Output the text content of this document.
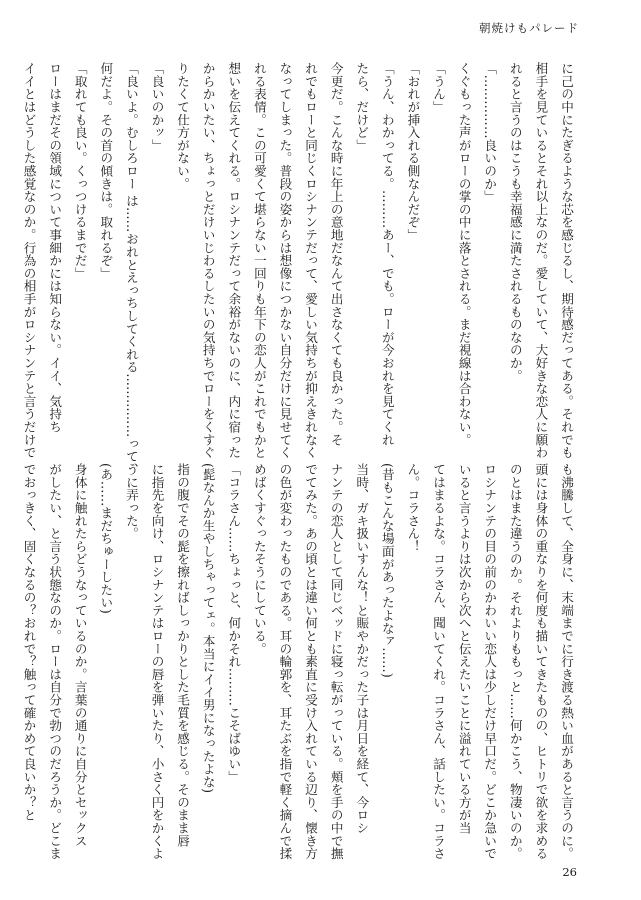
朝焼けもパレード
に己の中にたぎるような芯を感じるし、期待感だってある。それでも
相手を見ているとそれ以上なのだ。愛していて、大好きな恋人に願わ
れると言うのはこうも幸福感に満たされるものなのか。
「……………良いのか」
くぐもった声がローの掌の中に落とされる。まだ視線は合わない。
「うん」
「おれが挿入れる側なんだぞ」
「うん、わかってる。………あー、でも。ローが今おれを見てくれ
たら、だけど」
今更だ。こんな時に年上の意地だなんて出さなくても良かった。そ
れでもローと同じくロシナンテだって、愛しい気持ちが抑えきれなく
なってしまった。普段の姿からは想像につかない自分だけに見せてく
れる表情。この可愛くて堪らない一回りも年下の恋人がこれでもかと
想いを伝えてくれる。ロシナンテだって余裕がないのに、内に宿った
からかいたい、ちょっとだけいじわるしたいの気持ちでローをくすぐ
りたくて仕方がない。
「良いのかッ」
「良いよ。むしろロー は……おれとえっちしてくれる……………って、
何だよ。その首の傾きは。取れるぞ」
「取れても良い。くっつけるまでだ」
ローはまだその領域について事細かには知らない。イイ、気持ち
イイとはどうした感覚なのか。行為の相手がロシナンテと言うだけで
も沸騰して、全身に、末端までに行き渡る熱い血があると言うのに。
頭には身体の重なりを何度も描いてきたものの、ヒトリで欲を求める
のとはまた違うのか。それよりももっと……何かこう、物凄いのか。
ロシナンテの目の前のかわいい恋人は少しだけ早口だ。どこか急いで
いると言うよりは次から次へと伝えたいことに溢れている方が当
てはまるよな。コラさん、聞いてくれ。コラさん、話したい。コラさ
ん。コラさん！
(昔もこんな場面があったよなァ……)
当時、ガキ扱いすんな！と賑やかだった子は月日を経て、今ロシ
ナンテの恋人として同じベッドに寝っ転がっている。頬を手の中で撫
でてみた。あの頃とは違い何とも素直に受け入れている辺り、懐き方
の色が変わったものである。耳の輪郭を、耳たぶを指で軽く摘んで揉
めばくすぐったそうにしている。
「コラさん……ちょっと、何かそれ………こそばゆい」
(髭なんか生やしちゃってェ。本当にイイ男になったよな)
指の腹でその髭を擦ればしっかりとした毛質を感じる。そのまま唇
に指先を向け、ロシナンテはローの唇を弾いたり、小さく円をかくよ
うに弄った。
(あ……まだちゅーしたい)
身体に触れたらどうなっているのか。言葉の通りに自分とセックス
がしたい、と言う状態なのか。ローは自分で勃つのだろうか。どこま
でおっきく、固くなるの？おれで？触って確かめて良いか？と
26
